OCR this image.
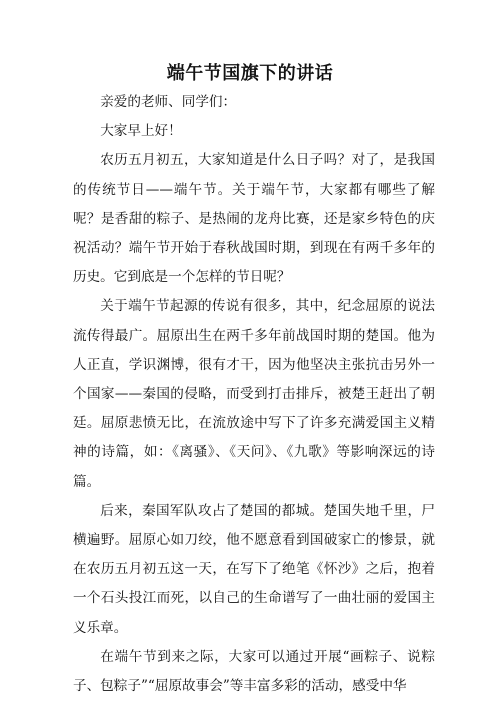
端午节国旗下的讲话

亲爱的老师、同学们：

大家早上好！

农历五月初五，大家知道是什么日子吗？对了，是我国的传统节日——端午节。关于端午节，大家都有哪些了解呢？是香甜的粽子、是热闹的龙舟比赛，还是家乡特色的庆祝活动？端午节开始于春秋战国时期，到现在有两千多年的历史。它到底是一个怎样的节日呢？

关于端午节起源的传说有很多，其中，纪念屈原的说法流传得最广。屈原出生在两千多年前战国时期的楚国。他为人正直，学识渊博，很有才干，因为他坚决主张抗击另外一个国家——秦国的侵略，而受到打击排斥，被楚王赶出了朝廷。屈原悲愤无比，在流放途中写下了许多充满爱国主义精神的诗篇，如：《离骚》、《天问》、《九歌》等影响深远的诗篇。

后来，秦国军队攻占了楚国的都城。楚国失地千里，尸横遍野。屈原心如刀绞，他不愿意看到国破家亡的惨景，就在农历五月初五这一天，在写下了绝笔《怀沙》之后，抱着一个石头投江而死，以自己的生命谱写了一曲壮丽的爱国主义乐章。

在端午节到来之际，大家可以通过开展“画粽子、说粽子、包粽子”“屈原故事会”等丰富多彩的活动，感受中华
